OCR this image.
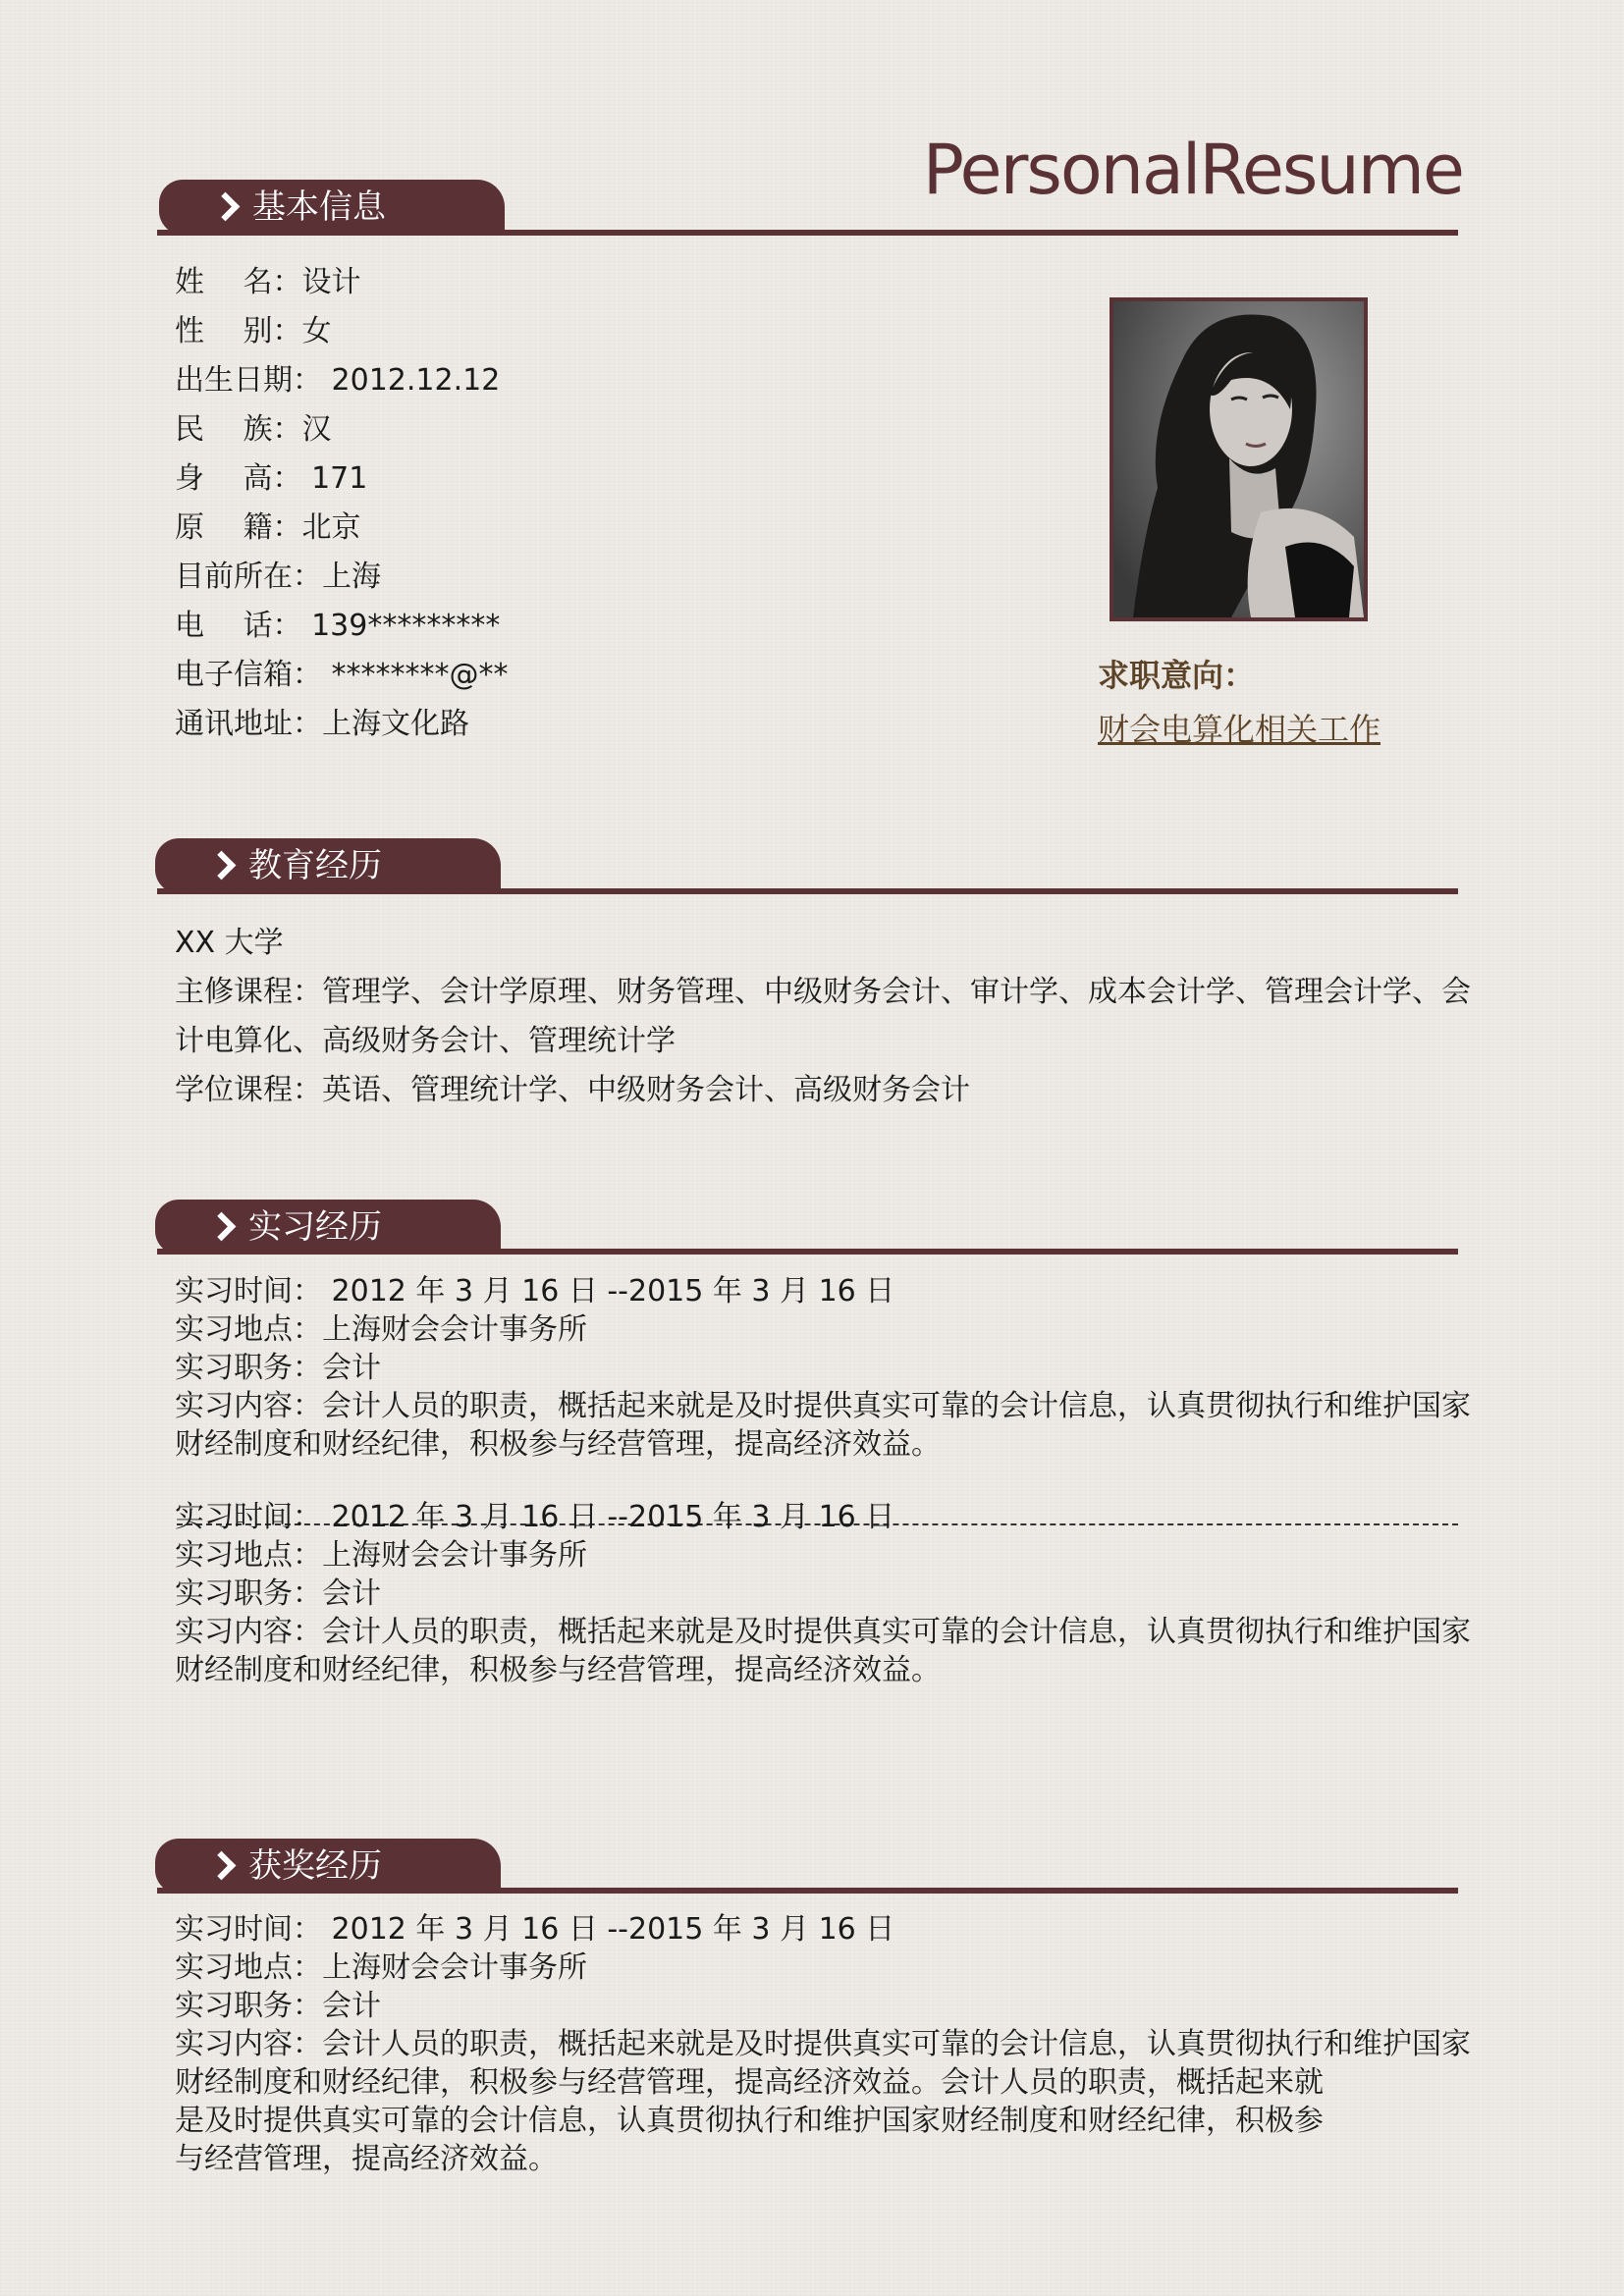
PersonalResume
基本信息
姓　 名：设计
性　 别：女
出生日期： 2012.12.12
民　 族：汉
身　 高： 171
原　 籍：北京
目前所在：上海
电　 话： 139*********
电子信箱： ********@**
通讯地址：上海文化路
求职意向：
财会电算化相关工作
教育经历
XX 大学
主修课程：管理学、会计学原理、财务管理、中级财务会计、审计学、成本会计学、管理会计学、会
计电算化、高级财务会计、管理统计学
学位课程：英语、管理统计学、中级财务会计、高级财务会计
实习经历
实习时间： 2012 年 3 月 16 日 --2015 年 3 月 16 日
实习地点：上海财会会计事务所
实习职务：会计
实习内容：会计人员的职责，概括起来就是及时提供真实可靠的会计信息，认真贯彻执行和维护国家
财经制度和财经纪律，积极参与经营管理，提高经济效益。
实习时间： 2012 年 3 月 16 日 --2015 年 3 月 16 日
实习地点：上海财会会计事务所
实习职务：会计
实习内容：会计人员的职责，概括起来就是及时提供真实可靠的会计信息，认真贯彻执行和维护国家
财经制度和财经纪律，积极参与经营管理，提高经济效益。
获奖经历
实习时间： 2012 年 3 月 16 日 --2015 年 3 月 16 日
实习地点：上海财会会计事务所
实习职务：会计
实习内容：会计人员的职责，概括起来就是及时提供真实可靠的会计信息，认真贯彻执行和维护国家
财经制度和财经纪律，积极参与经营管理，提高经济效益。会计人员的职责，概括起来就
是及时提供真实可靠的会计信息，认真贯彻执行和维护国家财经制度和财经纪律，积极参
与经营管理，提高经济效益。
